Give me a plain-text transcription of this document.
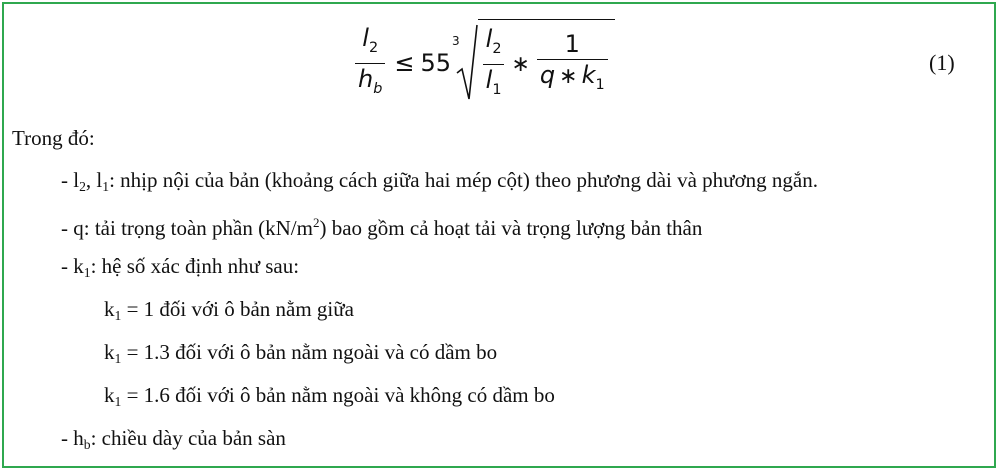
$\frac{l_2}{h_b} \le 55$
$3 \frac{l_2}{l_1}$ ∗ $\frac{1}{q ∗ k_1}$	(1)
Trong đó:
- $l_2$, $l_1$: nhịp nội của bản (khoảng cách giữa hai mép cột) theo phương dài và phương ngắn.
- q: tải trọng toàn phần $(kN/m^2)$ bao gồm cả hoạt tải và trọng lượng bản thân
- $k_1$: hệ số xác định như sau:
$k_1 = 1$ đối với ô bản nằm giữa
$k_1 = 1.3$ đối với ô bản nằm ngoài và có dầm bo
$k_1 = 1.6$ đối với ô bản nằm ngoài và không có dầm bo
- $h_b$: chiều dày của bản sàn
